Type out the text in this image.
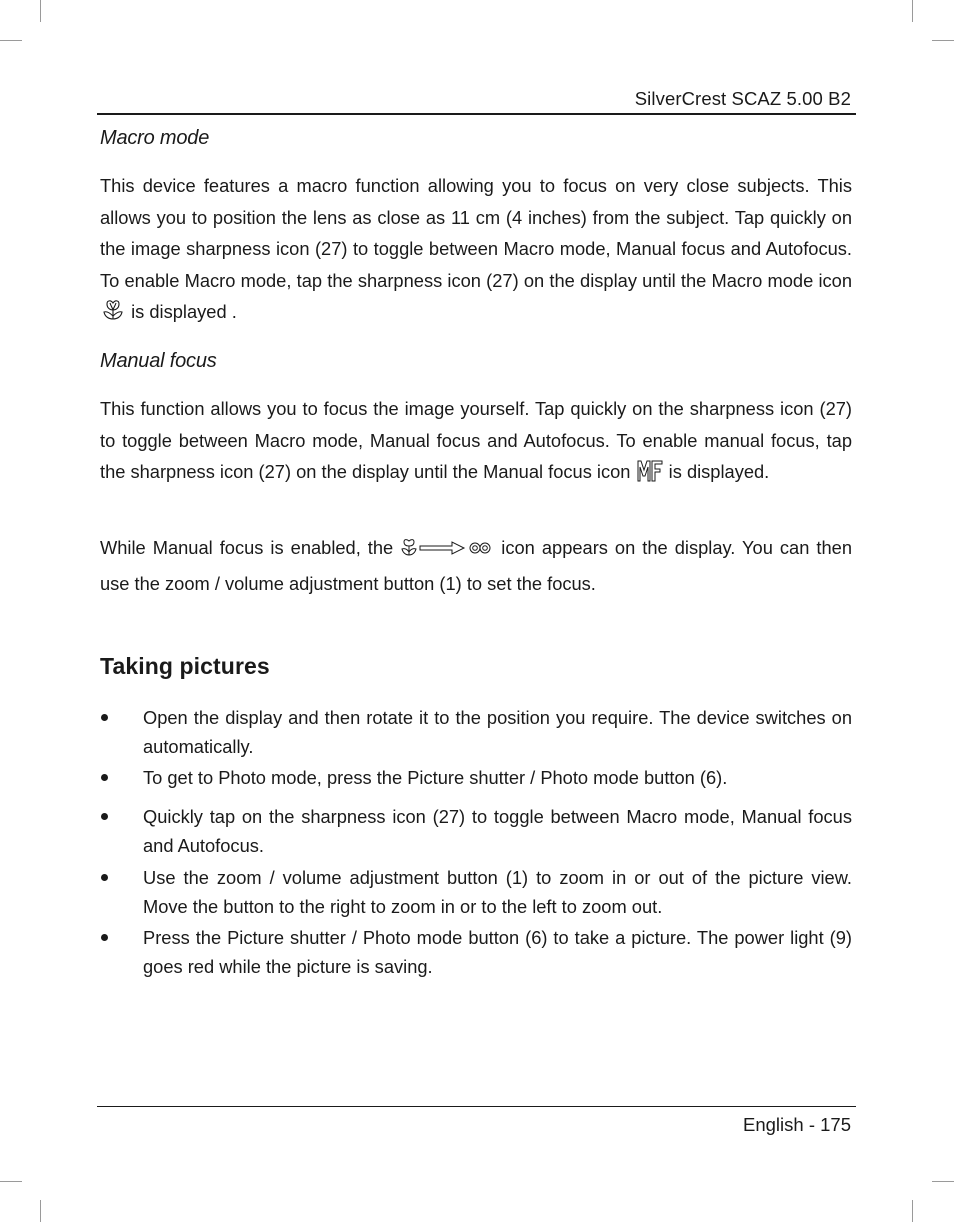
SilverCrest SCAZ 5.00 B2
Macro mode
This device features a macro function allowing you to focus on very close subjects. This allows you to position the lens as close as 11 cm (4 inches) from the subject. Tap quickly on the image sharpness icon (27) to toggle between Macro mode, Manual focus and Autofocus. To enable Macro mode, tap the sharpness icon (27) on the display until the Macro mode icon  is displayed .
Manual focus
This function allows you to focus the image yourself. Tap quickly on the sharpness icon (27) to toggle between Macro mode, Manual focus and Autofocus. To enable manual focus, tap the sharpness icon (27) on the display until the Manual focus icon is displayed.
While Manual focus is enabled, the	icon appears on the display. You can then use the zoom / volume adjustment button (1) to set the focus.
Taking pictures
Open the display and then rotate it to the position you require. The device switches on automatically.
To get to Photo mode, press the Picture shutter / Photo mode button (6).
Quickly tap on the sharpness icon (27) to toggle between Macro mode, Manual focus and Autofocus.
Use the zoom / volume adjustment button (1) to zoom in or out of the picture view. Move the button to the right to zoom in or to the left to zoom out.
Press the Picture shutter / Photo mode button (6) to take a picture. The power light (9) goes red while the picture is saving.
English - 175
